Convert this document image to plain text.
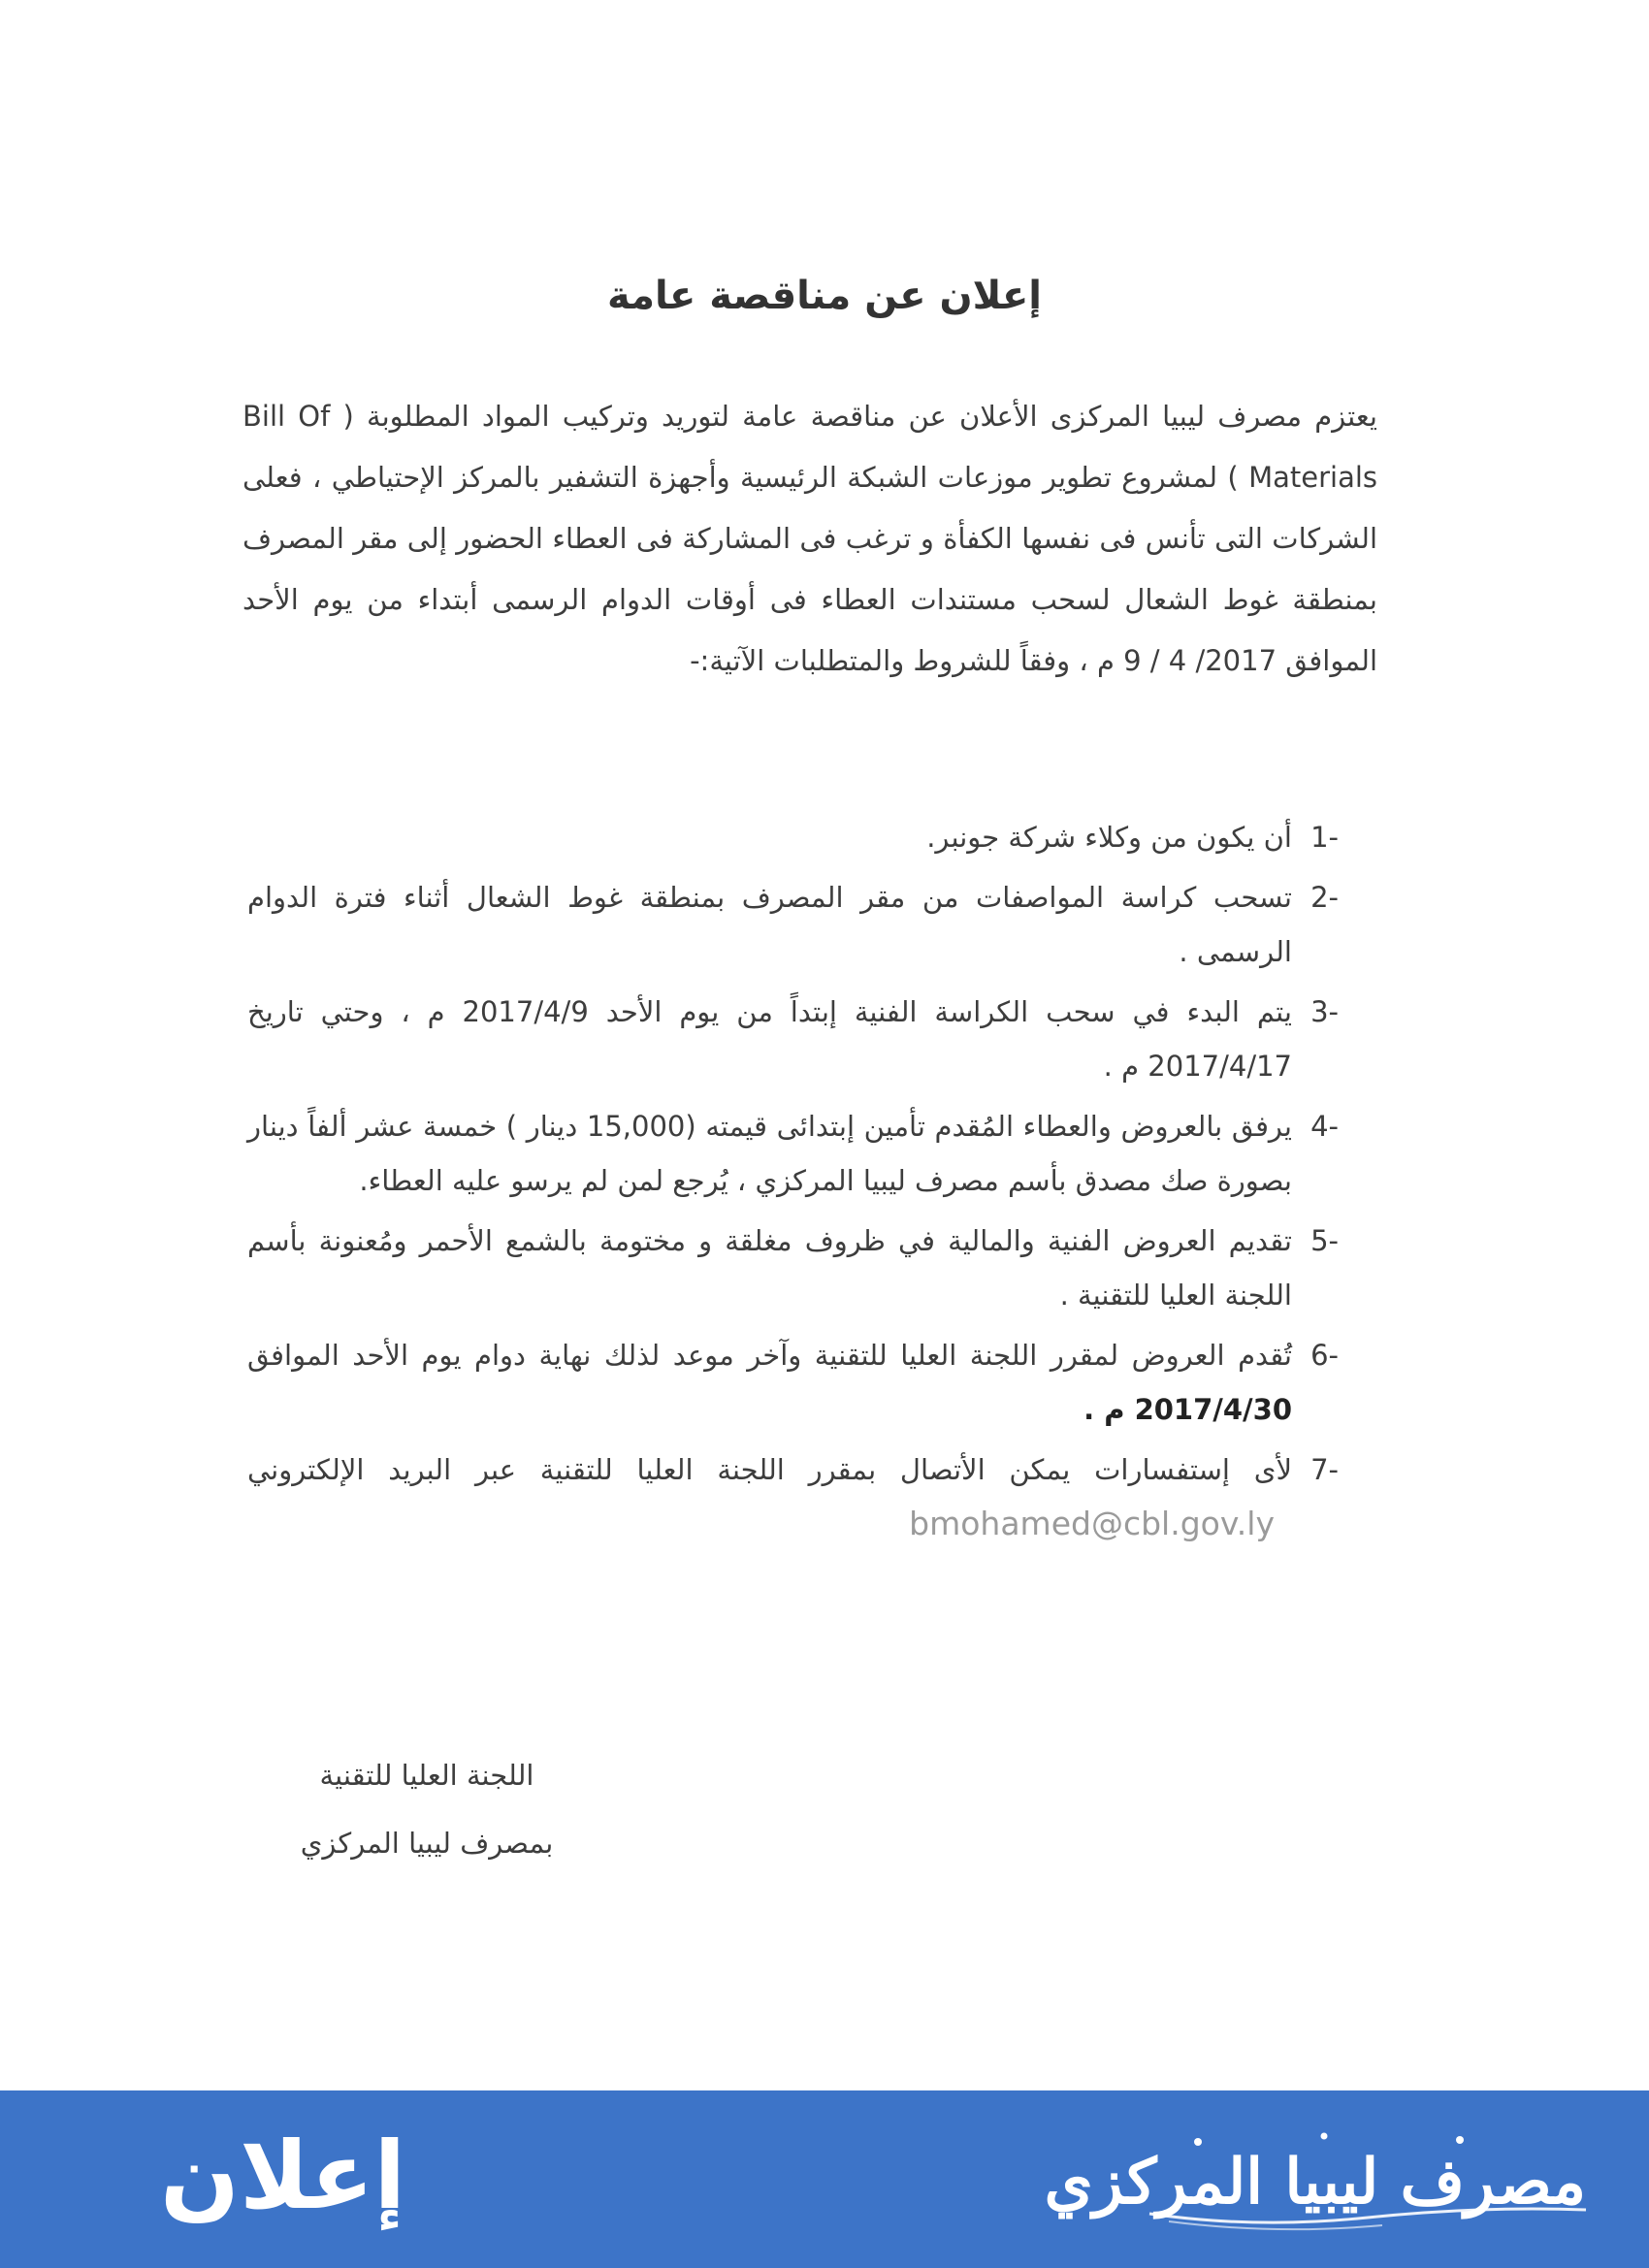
إعلان عن مناقصة عامة
يعتزم مصرف ليبيا المركزى الأعلان عن مناقصة عامة لتوريد وتركيب المواد المطلوبة ( Bill Of Materials ) لمشروع تطوير موزعات الشبكة الرئيسية وأجهزة التشفير بالمركز الإحتياطي ، فعلى الشركات التى تأنس فى نفسها الكفأة و ترغب فى المشاركة فى العطاء الحضور إلى مقر المصرف بمنطقة غوط الشعال لسحب مستندات العطاء فى أوقات الدوام الرسمى أبتداء من يوم الأحد الموافق 9 / 4 /2017 م ، وفقاً للشروط والمتطلبات الآتية:-
-1
أن يكون من وكلاء شركة جونبر.
-2
تسحب كراسة المواصفات من مقر المصرف بمنطقة غوط الشعال أثناء فترة الدوام الرسمى .
-3
يتم البدء في سحب الكراسة الفنية إبتداً من يوم الأحد 2017/4/9 م ، وحتي تاريخ 2017/4/17 م .
-4
يرفق بالعروض والعطاء المُقدم تأمين إبتدائى قيمته (15,000 دينار ) خمسة عشر ألفاً دينار بصورة صك مصدق بأسم مصرف ليبيا المركزي ، يُرجع لمن لم يرسو عليه العطاء.
-5
تقديم العروض الفنية والمالية في ظروف مغلقة و مختومة بالشمع الأحمر ومُعنونة بأسم اللجنة العليا للتقنية .
-6
تُقدم العروض لمقرر اللجنة العليا للتقنية وآخر موعد لذلك نهاية دوام يوم الأحد الموافق 2017/4/30 م .
-7
لأى إستفسارات يمكن الأتصال بمقرر اللجنة العليا للتقنية عبر البريد الإلكتروني bmohamed@cbl.gov.ly
اللجنة العليا للتقنية
بمصرف ليبيا المركزي
إعلان	مصرف ليبيا المركزي
